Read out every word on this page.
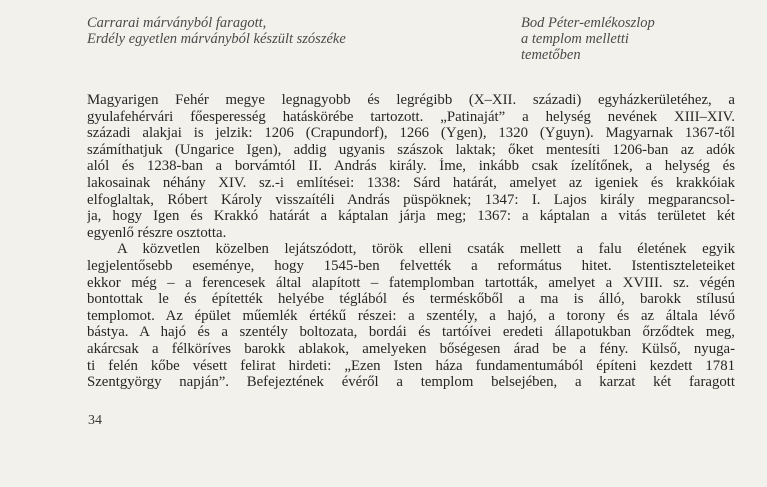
Carrarai márványból faragott,
Erdély egyetlen márványból készült szószéke
Bod Péter-emlékoszlop
a templom melletti
temetőben
Magyarigen Fehér megye legnagyobb és legrégibb (X–XII. századi) egyházkerületéhez, a
gyulafehérvári főesperesség hatáskörébe tartozott. „Patinaját” a helység nevének XIII–XIV.
századi alakjai is jelzik: 1206 (Crapundorf), 1266 (Ygen), 1320 (Yguyn). Magyarnak 1367-től
számíthatjuk (Ungarice Igen), addig ugyanis szászok laktak; őket mentesíti 1206-ban az adók
alól és 1238-ban a borvámtól II. András király. Íme, inkább csak ízelítőnek, a helység és
lakosainak néhány XIV. sz.-i említései: 1338: Sárd határát, amelyet az igeniek és krakkóiak
elfoglaltak, Róbert Károly visszaítéli András püspöknek; 1347: I. Lajos király megparancsol-
ja, hogy Igen és Krakkó határát a káptalan járja meg; 1367: a káptalan a vitás területet két
egyenlő részre osztotta.
A közvetlen közelben lejátszódott, török elleni csaták mellett a falu életének egyik
legjelentősebb eseménye, hogy 1545-ben felvették a református hitet. Istentiszteleteiket
ekkor még – a ferencesek által alapított – fatemplomban tartották, amelyet a XVIII. sz. végén
bontottak le és építették helyébe téglából és terméskőből a ma is álló, barokk stílusú
templomot. Az épület műemlék értékű részei: a szentély, a hajó, a torony és az általa lévő
bástya. A hajó és a szentély boltozata, bordái és tartóívei eredeti állapotukban őrződtek meg,
akárcsak a félköríves barokk ablakok, amelyeken bőségesen árad be a fény. Külső, nyuga-
ti felén kőbe vésett felirat hirdeti: „Ezen Isten háza fundamentumából építeni kezdett 1781
Szentgyörgy napján”. Befejeztének évéről a templom belsejében, a karzat két faragott
34
